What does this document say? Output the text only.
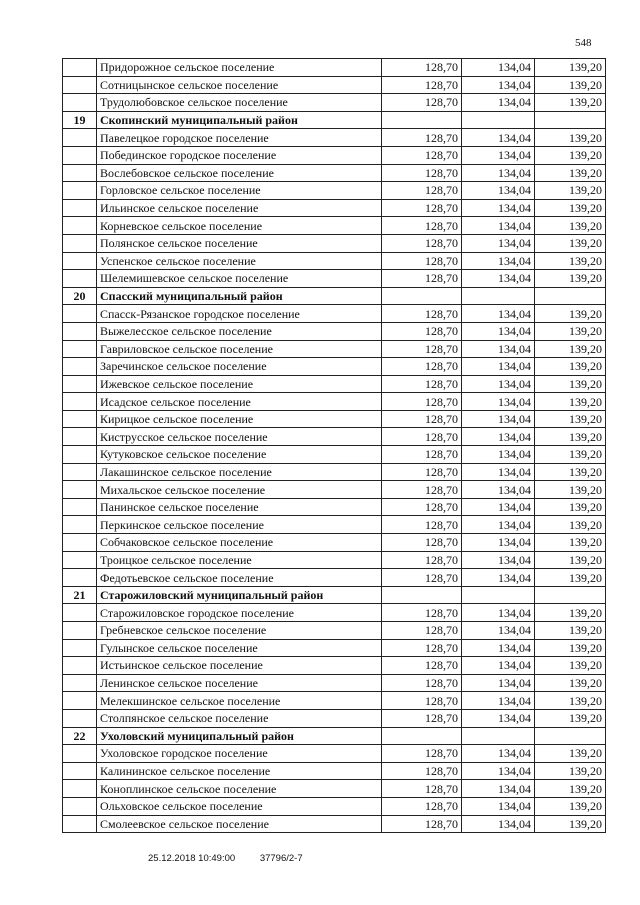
548
	Придорожное сельское поселение	128,70	134,04	139,20
	Сотницынское сельское поселение	128,70	134,04	139,20
	Трудолюбовское сельское поселение	128,70	134,04	139,20
19	Скопинский муниципальный район			
	Павелецкое городское поселение	128,70	134,04	139,20
	Побединское городское поселение	128,70	134,04	139,20
	Вослебовское сельское поселение	128,70	134,04	139,20
	Горловское сельское поселение	128,70	134,04	139,20
	Ильинское сельское поселение	128,70	134,04	139,20
	Корневское сельское поселение	128,70	134,04	139,20
	Полянское сельское поселение	128,70	134,04	139,20
	Успенское сельское поселение	128,70	134,04	139,20
	Шелемишевское сельское поселение	128,70	134,04	139,20
20	Спасский муниципальный район			
	Спасск-Рязанское городское поселение	128,70	134,04	139,20
	Выжелесское сельское поселение	128,70	134,04	139,20
	Гавриловское сельское поселение	128,70	134,04	139,20
	Заречинское сельское поселение	128,70	134,04	139,20
	Ижевское сельское поселение	128,70	134,04	139,20
	Исадское сельское поселение	128,70	134,04	139,20
	Кирицкое сельское поселение	128,70	134,04	139,20
	Киструсское сельское поселение	128,70	134,04	139,20
	Кутуковское сельское поселение	128,70	134,04	139,20
	Лакашинское сельское поселение	128,70	134,04	139,20
	Михальское сельское поселение	128,70	134,04	139,20
	Панинское сельское поселение	128,70	134,04	139,20
	Перкинское сельское поселение	128,70	134,04	139,20
	Собчаковское сельское поселение	128,70	134,04	139,20
	Троицкое сельское поселение	128,70	134,04	139,20
	Федотьевское сельское поселение	128,70	134,04	139,20
21	Старожиловский муниципальный район			
	Старожиловское городское поселение	128,70	134,04	139,20
	Гребневское сельское поселение	128,70	134,04	139,20
	Гулынское сельское поселение	128,70	134,04	139,20
	Истьинское сельское поселение	128,70	134,04	139,20
	Ленинское сельское поселение	128,70	134,04	139,20
	Мелекшинское сельское поселение	128,70	134,04	139,20
	Столпянское сельское поселение	128,70	134,04	139,20
22	Ухоловский муниципальный район			
	Ухоловское городское поселение	128,70	134,04	139,20
	Калининское сельское поселение	128,70	134,04	139,20
	Коноплинское сельское поселение	128,70	134,04	139,20
	Ольховское сельское поселение	128,70	134,04	139,20
	Смолеевское сельское поселение	128,70	134,04	139,20
25.12.2018 10:49:00	37796/2-7
